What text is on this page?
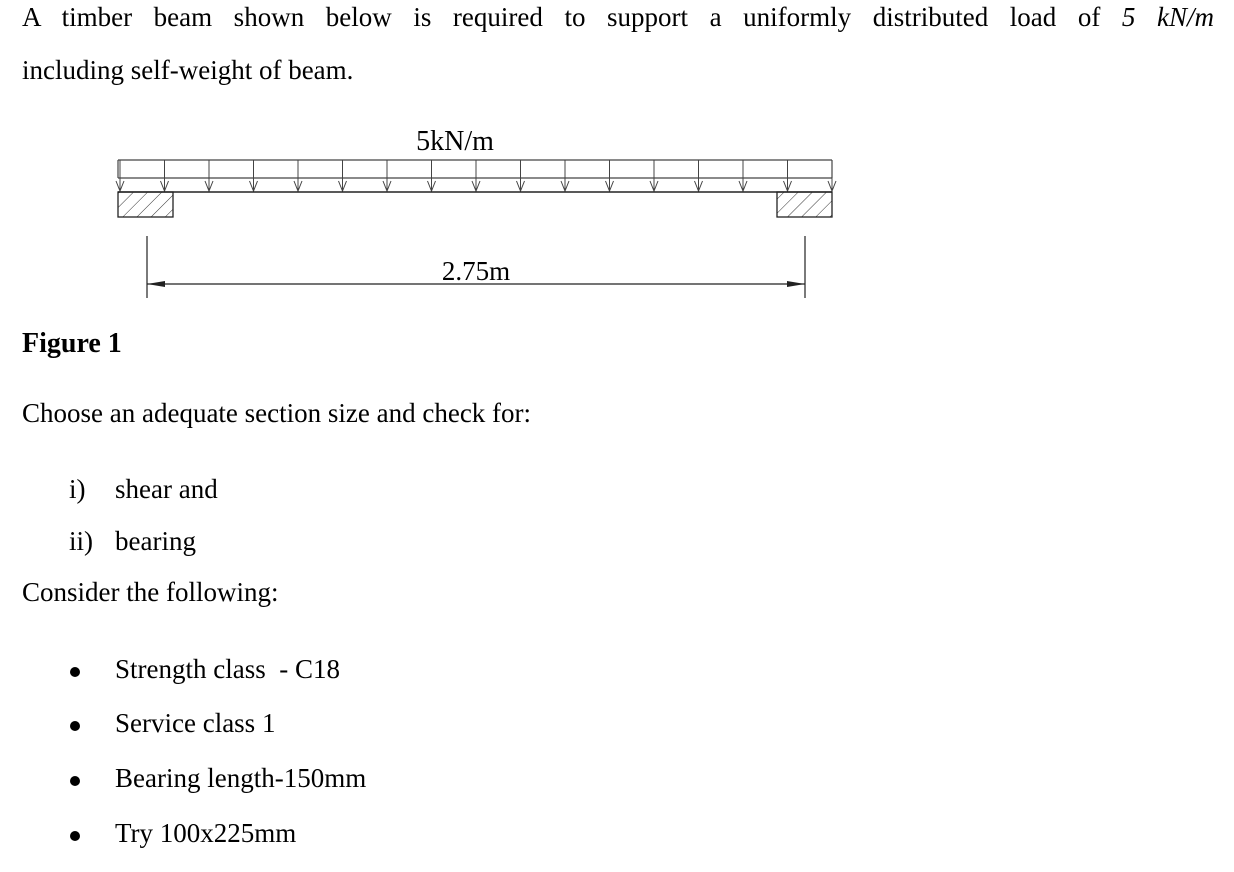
A timber beam shown below is required to support a uniformly distributed load of 5 kN/m
including self-weight of beam.
5kN/m
2.75m
Figure 1
Choose an adequate section size and check for:
i) shear and
ii) bearing
Consider the following:
Strength class  - C18
Service class 1
Bearing length-150mm
Try 100x225mm
